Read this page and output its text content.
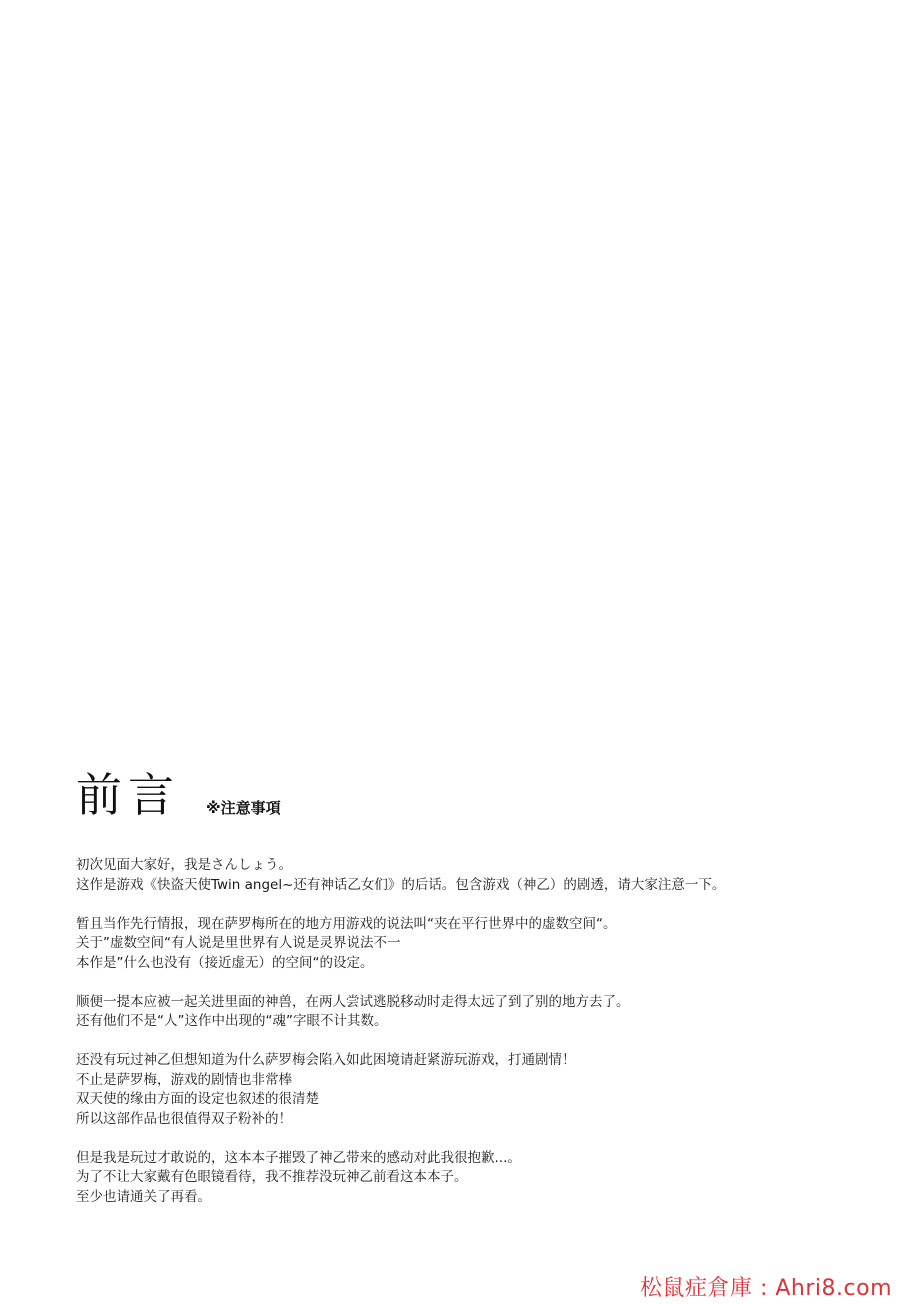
前言 ※注意事項
初次见面大家好，我是さんしょう。
这作是游戏《快盗天使Twin angel~还有神话乙女们》的后话。包含游戏（神乙）的剧透，请大家注意一下。
暂且当作先行情报，现在萨罗梅所在的地方用游戏的说法叫“夹在平行世界中的虚数空间“。
关于”虚数空间“有人说是里世界有人说是灵界说法不一
本作是”什么也没有（接近虚无）的空间“的设定。
顺便一提本应被一起关进里面的神兽，在两人尝试逃脱移动时走得太远了到了别的地方去了。
还有他们不是“人”这作中出现的“魂”字眼不计其数。
还没有玩过神乙但想知道为什么萨罗梅会陷入如此困境请赶紧游玩游戏，打通剧情！
不止是萨罗梅，游戏的剧情也非常棒
双天使的缘由方面的设定也叙述的很清楚
所以这部作品也很值得双子粉补的！
但是我是玩过才敢说的，这本本子摧毁了神乙带来的感动对此我很抱歉...。
为了不让大家戴有色眼镜看待，我不推荐没玩神乙前看这本本子。
至少也请通关了再看。
松鼠症倉庫 : Ahri8.com
